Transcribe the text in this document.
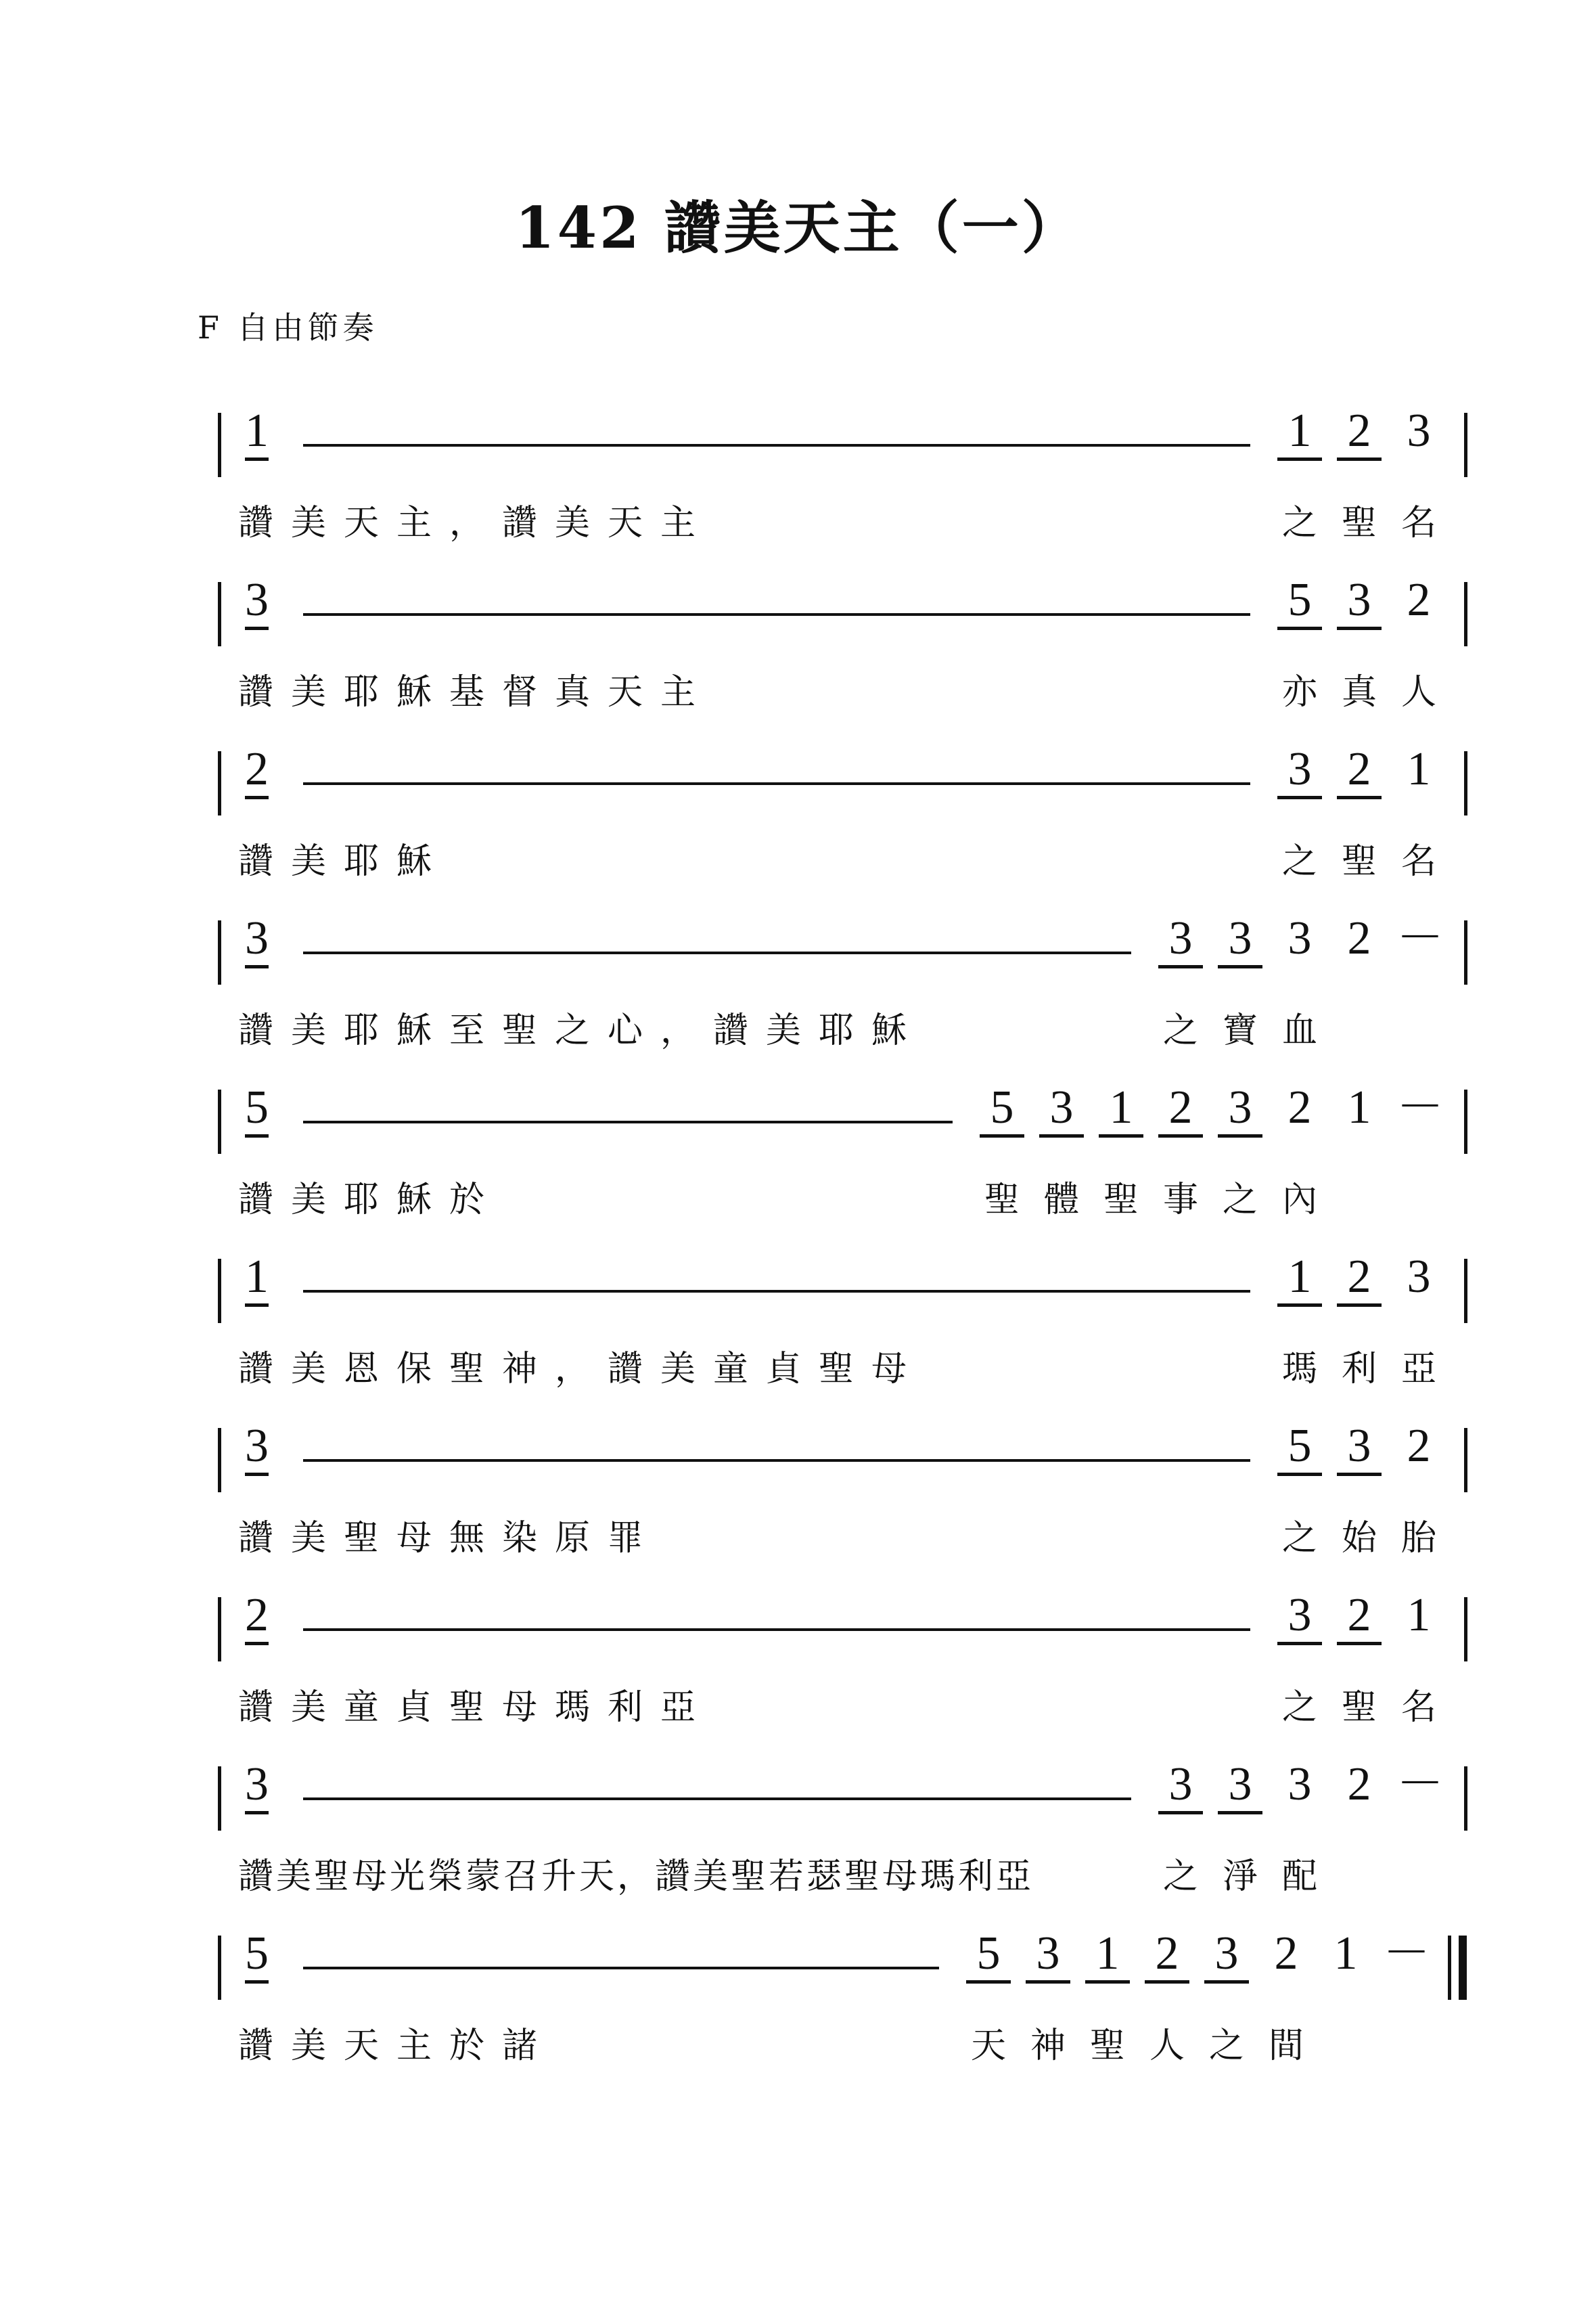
142 讚美天主（一）
F 自由節奏
1	1 2 3
讚美天主，讚美天主	之 聖 名
3	5 3 2
讚美耶穌基督真天主	亦 真 人
2	3 2 1
讚美耶穌	之 聖 名
3	3 3 3 2 －
讚美耶穌至聖之心，讚美耶穌	之 寶 血
5	5 3 1 2 3 2 1 －
讚美耶穌於	聖 體 聖 事 之 內
1	1 2 3
讚美恩保聖神，讚美童貞聖母	瑪 利 亞
3	5 3 2
讚美聖母無染原罪	之 始 胎
2	3 2 1
讚美童貞聖母瑪利亞	之 聖 名
3	3 3 3 2 －
讚美聖母光榮蒙召升天，讚美聖若瑟聖母瑪利亞	之 淨 配
5	5 3 1 2 3 2 1 －
讚美天主於諸	天 神 聖 人 之 間
